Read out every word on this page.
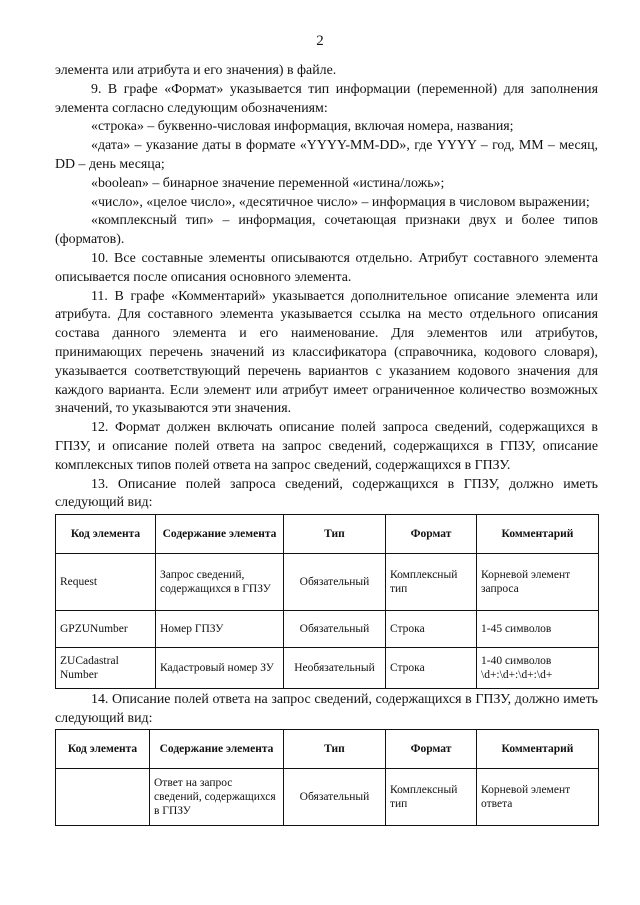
2

элемента или атрибута и его значения) в файле.

9. В графе «Формат» указывается тип информации (переменной) для заполнения элемента согласно следующим обозначениям:

«строка» – буквенно-числовая информация, включая номера, названия;

«дата» – указание даты в формате «YYYY-MM-DD», где YYYY – год, MM – месяц, DD – день месяца;

«boolean» – бинарное значение переменной «истина/ложь»;

«число», «целое число», «десятичное число» – информация в числовом выражении;

«комплексный тип» – информация, сочетающая признаки двух и более типов (форматов).

10. Все составные элементы описываются отдельно. Атрибут составного элемента описывается после описания основного элемента.

11. В графе «Комментарий» указывается дополнительное описание элемента или атрибута. Для составного элемента указывается ссылка на место отдельного описания состава данного элемента и его наименование. Для элементов или атрибутов, принимающих перечень значений из классификатора (справочника, кодового словаря), указывается соответствующий перечень вариантов с указанием кодового значения для каждого варианта. Если элемент или атрибут имеет ограниченное количество возможных значений, то указываются эти значения.

12. Формат должен включать описание полей запроса сведений, содержащихся в ГПЗУ, и описание полей ответа на запрос сведений, содержащихся в ГПЗУ, описание комплексных типов полей ответа на запрос сведений, содержащихся в ГПЗУ.

13. Описание полей запроса сведений, содержащихся в ГПЗУ, должно иметь следующий вид:

Код элемента	Содержание элемента	Тип	Формат	Комментарий
Request	Запрос сведений, содержащихся в ГПЗУ	Обязательный	Комплексный тип	Корневой элемент запроса
GPZUNumber	Номер ГПЗУ	Обязательный	Строка	1-45 символов
ZUCadastral Number	Кадастровый номер ЗУ	Необязательный	Строка	1-40 символов \d+:\d+:\d+:\d+

14. Описание полей ответа на запрос сведений, содержащихся в ГПЗУ, должно иметь следующий вид:

Код элемента	Содержание элемента	Тип	Формат	Комментарий
	Ответ на запрос сведений, содержащихся в ГПЗУ	Обязательный	Комплексный тип	Корневой элемент ответа
